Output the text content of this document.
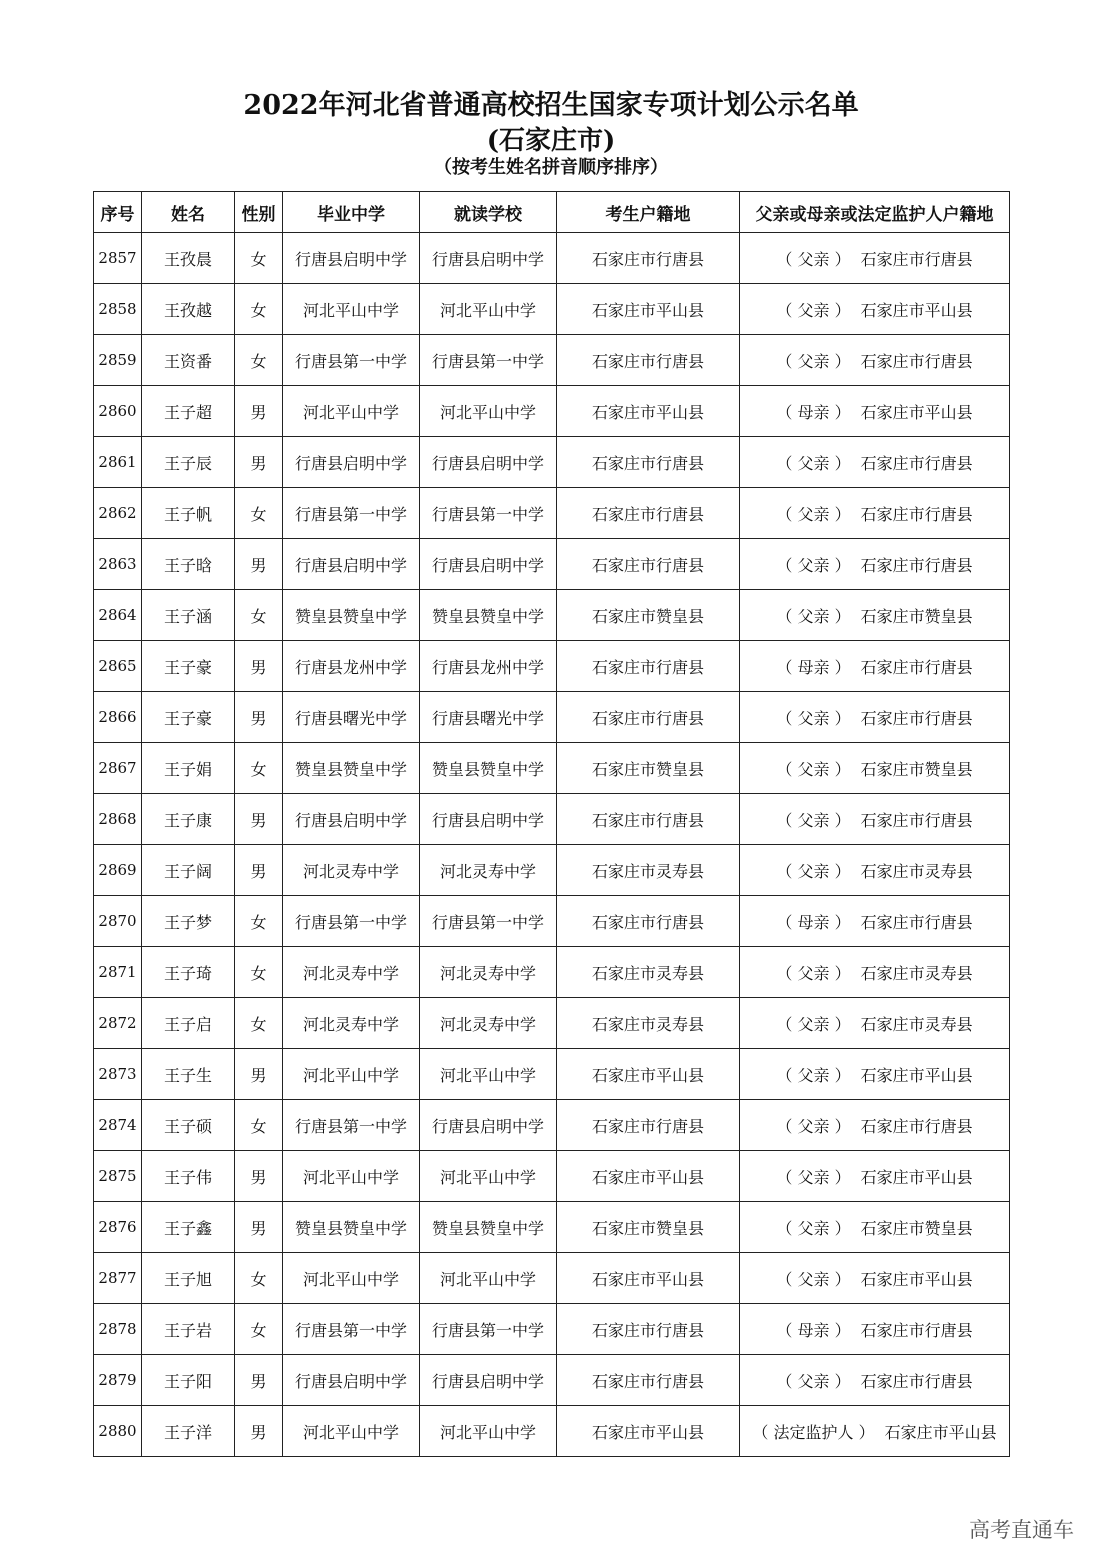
2022年河北省普通高校招生国家专项计划公示名单
(石家庄市)
（按考生姓名拼音顺序排序）
序号	姓名	性别	毕业中学	就读学校	考生户籍地	父亲或母亲或法定监护人户籍地
2857	王孜晨	女	行唐县启明中学	行唐县启明中学	石家庄市行唐县	（ 父亲 ） 石家庄市行唐县
2858	王孜越	女	河北平山中学	河北平山中学	石家庄市平山县	（ 父亲 ） 石家庄市平山县
2859	王资番	女	行唐县第一中学	行唐县第一中学	石家庄市行唐县	（ 父亲 ） 石家庄市行唐县
2860	王子超	男	河北平山中学	河北平山中学	石家庄市平山县	（ 母亲 ） 石家庄市平山县
2861	王子辰	男	行唐县启明中学	行唐县启明中学	石家庄市行唐县	（ 父亲 ） 石家庄市行唐县
2862	王子帆	女	行唐县第一中学	行唐县第一中学	石家庄市行唐县	（ 父亲 ） 石家庄市行唐县
2863	王子晗	男	行唐县启明中学	行唐县启明中学	石家庄市行唐县	（ 父亲 ） 石家庄市行唐县
2864	王子涵	女	赞皇县赞皇中学	赞皇县赞皇中学	石家庄市赞皇县	（ 父亲 ） 石家庄市赞皇县
2865	王子豪	男	行唐县龙州中学	行唐县龙州中学	石家庄市行唐县	（ 母亲 ） 石家庄市行唐县
2866	王子豪	男	行唐县曙光中学	行唐县曙光中学	石家庄市行唐县	（ 父亲 ） 石家庄市行唐县
2867	王子娟	女	赞皇县赞皇中学	赞皇县赞皇中学	石家庄市赞皇县	（ 父亲 ） 石家庄市赞皇县
2868	王子康	男	行唐县启明中学	行唐县启明中学	石家庄市行唐县	（ 父亲 ） 石家庄市行唐县
2869	王子阔	男	河北灵寿中学	河北灵寿中学	石家庄市灵寿县	（ 父亲 ） 石家庄市灵寿县
2870	王子梦	女	行唐县第一中学	行唐县第一中学	石家庄市行唐县	（ 母亲 ） 石家庄市行唐县
2871	王子琦	女	河北灵寿中学	河北灵寿中学	石家庄市灵寿县	（ 父亲 ） 石家庄市灵寿县
2872	王子启	女	河北灵寿中学	河北灵寿中学	石家庄市灵寿县	（ 父亲 ） 石家庄市灵寿县
2873	王子生	男	河北平山中学	河北平山中学	石家庄市平山县	（ 父亲 ） 石家庄市平山县
2874	王子硕	女	行唐县第一中学	行唐县启明中学	石家庄市行唐县	（ 父亲 ） 石家庄市行唐县
2875	王子伟	男	河北平山中学	河北平山中学	石家庄市平山县	（ 父亲 ） 石家庄市平山县
2876	王子鑫	男	赞皇县赞皇中学	赞皇县赞皇中学	石家庄市赞皇县	（ 父亲 ） 石家庄市赞皇县
2877	王子旭	女	河北平山中学	河北平山中学	石家庄市平山县	（ 父亲 ） 石家庄市平山县
2878	王子岩	女	行唐县第一中学	行唐县第一中学	石家庄市行唐县	（ 母亲 ） 石家庄市行唐县
2879	王子阳	男	行唐县启明中学	行唐县启明中学	石家庄市行唐县	（ 父亲 ） 石家庄市行唐县
2880	王子洋	男	河北平山中学	河北平山中学	石家庄市平山县	（ 法定监护人 ） 石家庄市平山县
高考直通车
